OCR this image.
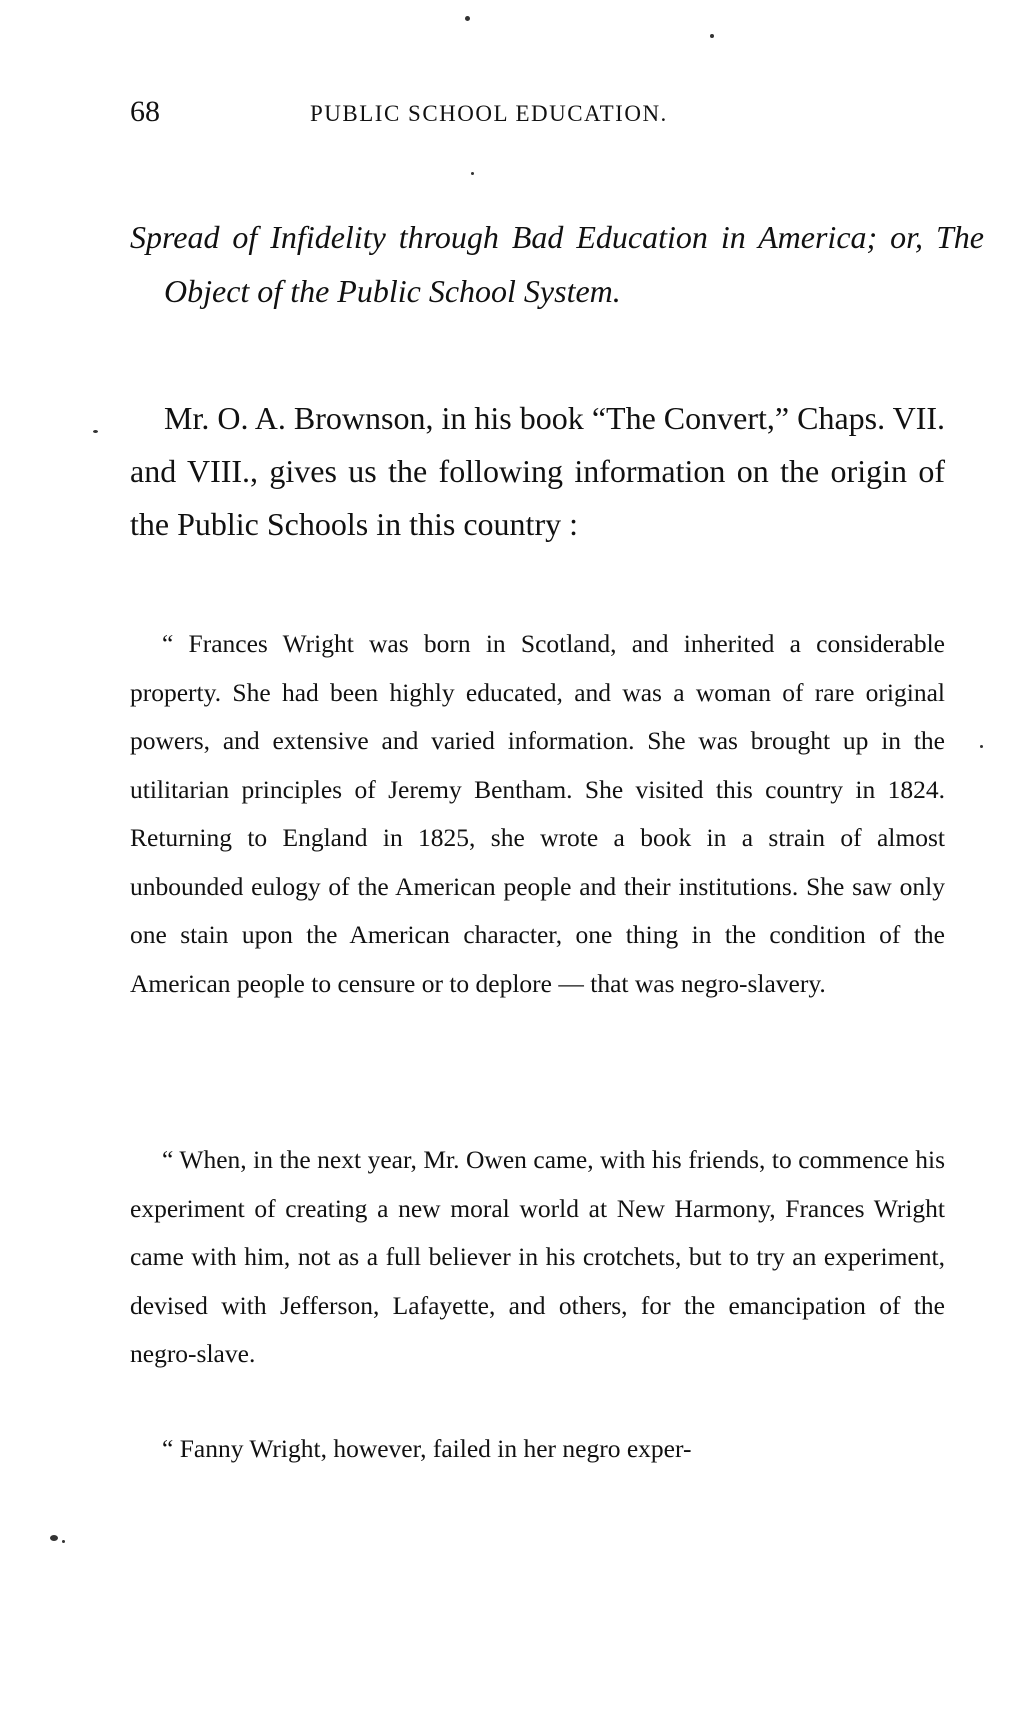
68	PUBLIC SCHOOL EDUCATION.
Spread of Infidelity through Bad Education in America; or, The Object of the Public School System.

Mr. O. A. Brownson, in his book “The Convert,” Chaps. VII. and VIII., gives us the following information on the origin of the Public Schools in this country :

“ Frances Wright was born in Scotland, and inherited a considerable property. She had been highly educated, and was a woman of rare original powers, and extensive and varied information. She was brought up in the utilitarian principles of Jeremy Bentham. She visited this country in 1824. Returning to England in 1825, she wrote a book in a strain of almost unbounded eulogy of the American people and their institutions. She saw only one stain upon the American character, one thing in the condition of the American people to censure or to deplore — that was negro-slavery.

“ When, in the next year, Mr. Owen came, with his friends, to commence his experiment of creating a new moral world at New Harmony, Frances Wright came with him, not as a full believer in his crotchets, but to try an experiment, devised with Jefferson, Lafayette, and others, for the emancipation of the negro-slave.

“ Fanny Wright, however, failed in her negro exper-
